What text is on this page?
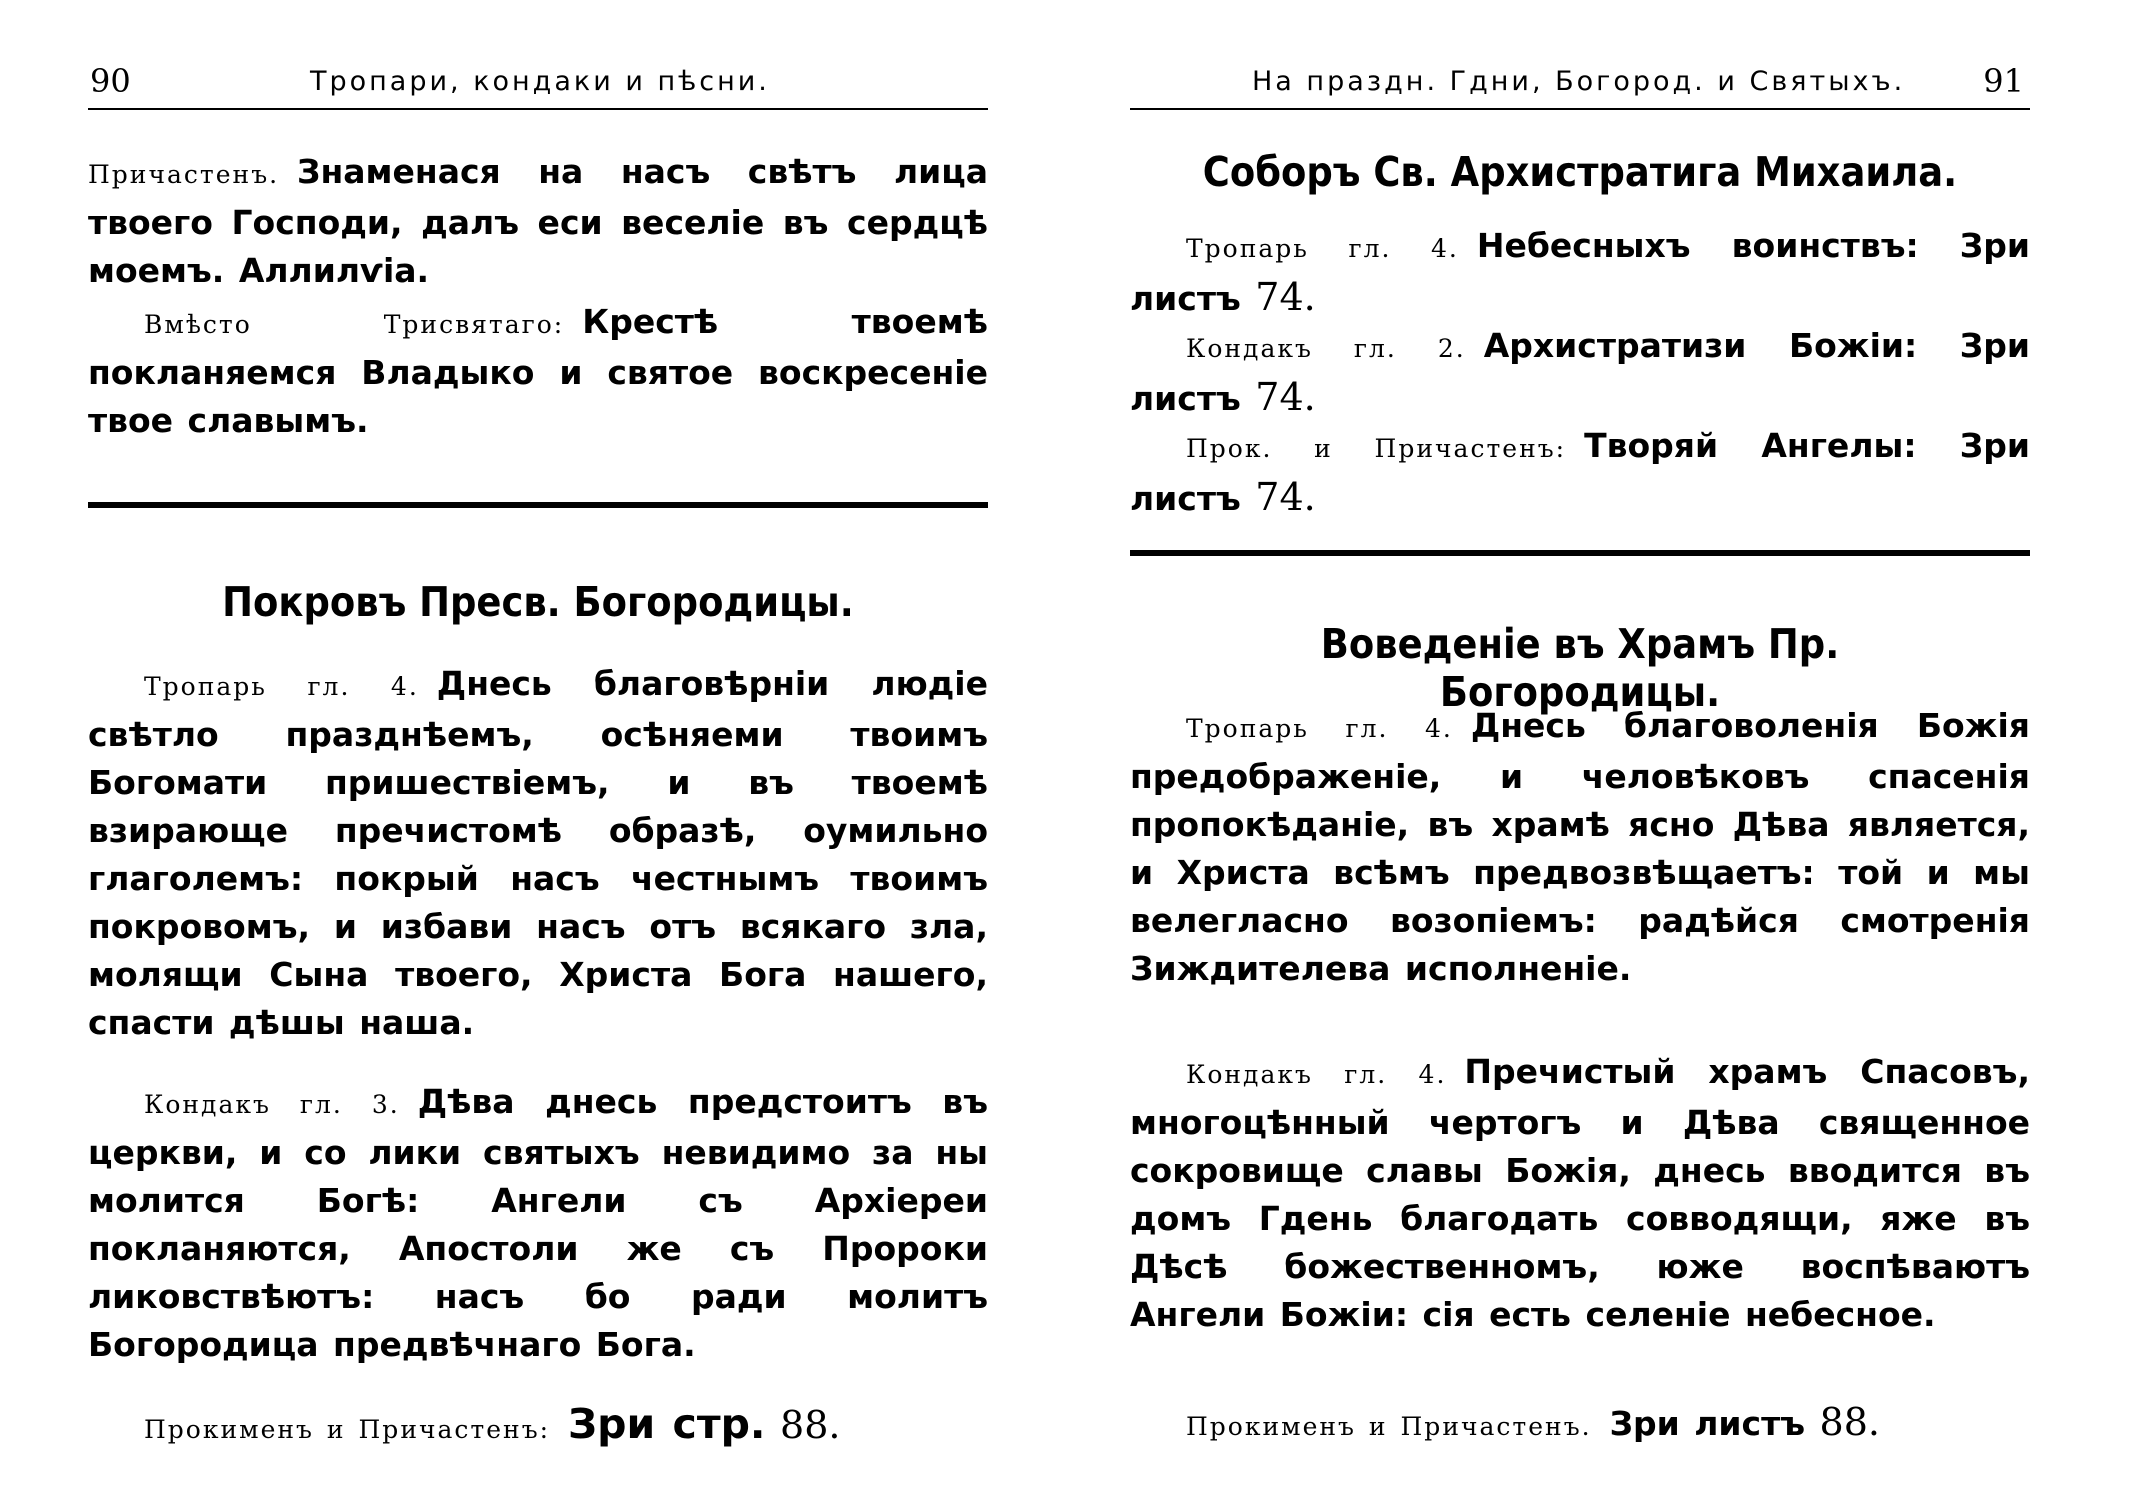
90	Тропари, кондаки и пѣсни.
Причастенъ. Знаменася на насъ свѣтъ лица твоего Господи, далъ еси веселіе въ сердцѣ моемъ. Аллилѵіа.
Вмѣсто Трисвятаго: Крестѣ твоемѣ покланяемся Владыко и святое воскресеніе твое славымъ.
Покровъ Пресв. Богородицы.
Тропарь гл. 4. Днесь благовѣрніи людіе свѣтло празднѣемъ, осѣняеми твоимъ Богомати пришествіемъ, и въ твоемѣ взирающе пречистомѣ образѣ, оумильно глаголемъ: покрый насъ честнымъ твоимъ покровомъ, и избави насъ отъ всякаго зла, молящи Сына твоего, Христа Бога нашего, спасти дѣшы наша.
Кондакъ гл. 3. Дѣва днесь предстоитъ въ церкви, и со лики святыхъ невидимо за ны молится Богѣ: Ангели съ Архіереи покланяются, Апостоли же съ Пророки ликовствѣютъ: насъ бо ради молитъ Богородица предвѣчнаго Бога.
Прокименъ и Причастенъ: Зри стр. 88.
На праздн. Гдни, Богород. и Святыхъ. 91
Соборъ Св. Архистратига Михаила.
Тропарь гл. 4. Небесныхъ воинствъ: Зри листъ 74.
Кондакъ гл. 2. Архистратизи Божіи: Зри листъ 74.
Прок. и Причастенъ: Творяй Ангелы: Зри листъ 74.
Воведеніе въ Храмъ Пр. Богородицы.
Тропарь гл. 4. Днесь благоволенія Божія предображеніе, и человѣковъ спасенія пропокѣданіе, въ храмѣ ясно Дѣва является, и Христа всѣмъ предвозвѣщаетъ: той и мы велегласно возопіемъ: радѣйся смотренія Зиждителева исполненіе.
Кондакъ гл. 4. Пречистый храмъ Спасовъ, многоцѣнный чертогъ и Дѣва священное сокровище славы Божія, днесь вводится въ домъ Гдень благодать совводящи, яже въ Дѣсѣ божественномъ, юже воспѣваютъ Ангели Божіи: сія есть селеніе небесное.
Прокименъ и Причастенъ. Зри листъ 88.
